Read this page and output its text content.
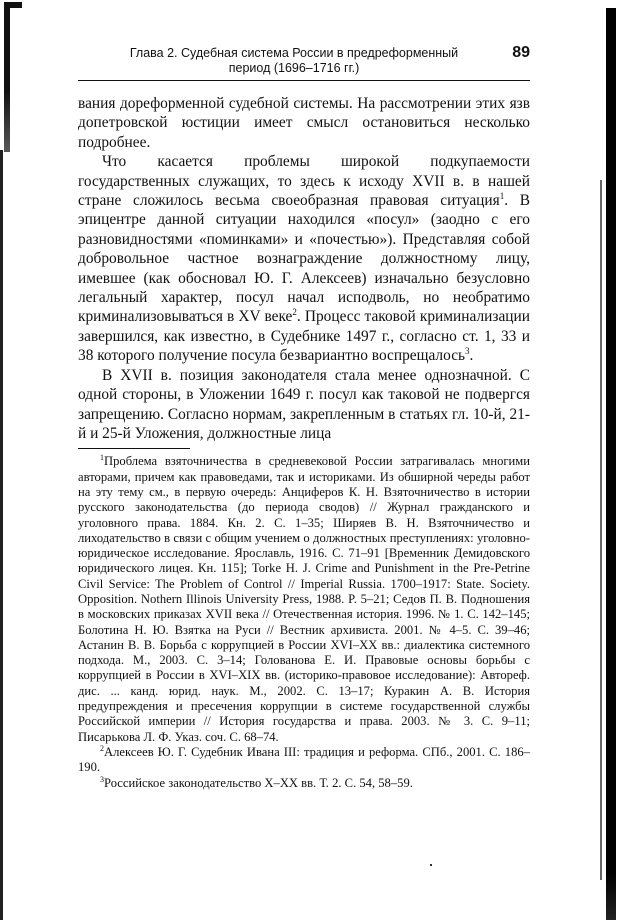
Глава 2. Судебная система России в предреформенный
период (1696–1716 гг.)
89

вания дореформенной судебной системы. На рассмотрении этих язв допетровской юстиции имеет смысл остановиться несколько подробнее.

Что касается проблемы широкой подкупаемости государственных служащих, то здесь к исходу XVII в. в нашей стране сложилось весьма своеобразная правовая ситуация$^1$. В эпицентре данной ситуации находился «посул» (заодно с его разновидностями «поминками» и «почестью»). Представляя собой добровольное частное вознаграждение должностному лицу, имевшее (как обосновал Ю. Г. Алексеев) изначально безусловно легальный характер, посул начал исподволь, но необратимо криминализовываться в XV веке$^2$. Процесс таковой криминализации завершился, как известно, в Судебнике 1497 г., согласно ст. 1, 33 и 38 которого получение посула безвариантно воспрещалось$^3$.

В XVII в. позиция законодателя стала менее однозначной. С одной стороны, в Уложении 1649 г. посул как таковой не подвергся запрещению. Согласно нормам, закрепленным в статьях гл. 10-й, 21-й и 25-й Уложения, должностные лица

$^1$Проблема взяточничества в средневековой России затрагивалась многими авторами, причем как правоведами, так и историками. Из обширной череды работ на эту тему см., в первую очередь: Анциферов К. Н. Взяточничество в истории русского законодательства (до периода сводов) // Журнал гражданского и уголовного права. 1884. Кн. 2. С. 1–35; Ширяев В. Н. Взяточничество и лиходательство в связи с общим учением о должностных преступлениях: уголовно-юридическое исследование. Ярославль, 1916. С. 71–91 [Временник Демидовского юридического лицея. Кн. 115]; Torke H. J. Crime and Punishment in the Pre-Petrine Civil Service: The Problem of Control // Imperial Russia. 1700–1917: State. Society. Opposition. Nothern Illinois University Press, 1988. P. 5–21; Седов П. В. Подношения в московских приказах XVII века // Отечественная история. 1996. № 1. С. 142–145; Болотина Н. Ю. Взятка на Руси // Вестник архивиста. 2001. № 4–5. С. 39–46; Астанин В. В. Борьба с коррупцией в России XVI–XX вв.: диалектика системного подхода. М., 2003. С. 3–14; Голованова Е. И. Правовые основы борьбы с коррупцией в России в XVI–XIX вв. (историко-правовое исследование): Автореф. дис. ... канд. юрид. наук. М., 2002. С. 13–17; Куракин А. В. История предупреждения и пресечения коррупции в системе государственной службы Российской империи // История государства и права. 2003. № 3. С. 9–11; Писарькова Л. Ф. Указ. соч. С. 68–74.

$^2$Алексеев Ю. Г. Судебник Ивана III: традиция и реформа. СПб., 2001. С. 186–190.

$^3$Российское законодательство X–XX вв. Т. 2. С. 54, 58–59.
